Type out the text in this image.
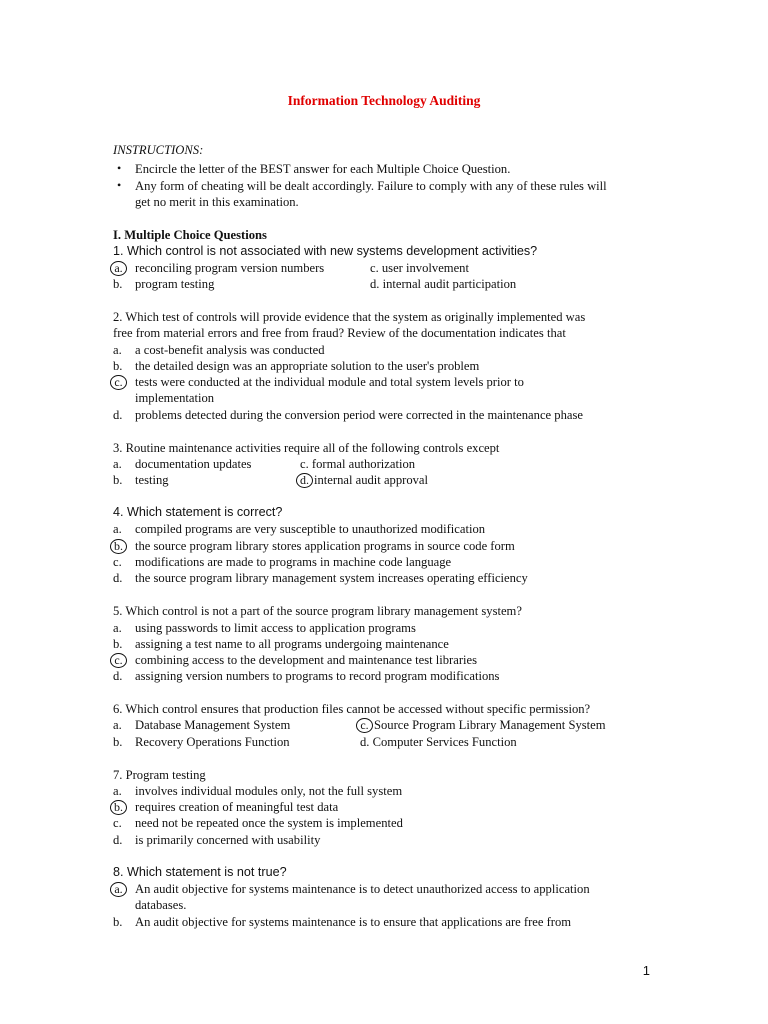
Information Technology Auditing
INSTRUCTIONS:
• Encircle the letter of the BEST answer for each Multiple Choice Question.
• Any form of cheating will be dealt accordingly. Failure to comply with any of these rules will
get no merit in this examination.
I. Multiple Choice Questions
1. Which control is not associated with new systems development activities?
a. reconciling program version numbers	c. user involvement
b. program testing	d. internal audit participation
2. Which test of controls will provide evidence that the system as originally implemented was
free from material errors and free from fraud? Review of the documentation indicates that
a. a cost-benefit analysis was conducted
b. the detailed design was an appropriate solution to the user's problem
c. tests were conducted at the individual module and total system levels prior to
implementation
d. problems detected during the conversion period were corrected in the maintenance phase
3. Routine maintenance activities require all of the following controls except
a. documentation updates	c. formal authorization
b. testing	d. internal audit approval
4. Which statement is correct?
a. compiled programs are very susceptible to unauthorized modification
b. the source program library stores application programs in source code form
c. modifications are made to programs in machine code language
d. the source program library management system increases operating efficiency
5. Which control is not a part of the source program library management system?
a. using passwords to limit access to application programs
b. assigning a test name to all programs undergoing maintenance
c. combining access to the development and maintenance test libraries
d. assigning version numbers to programs to record program modifications
6. Which control ensures that production files cannot be accessed without specific permission?
a. Database Management System	c. Source Program Library Management System
b. Recovery Operations Function	d. Computer Services Function
7. Program testing
a. involves individual modules only, not the full system
b. requires creation of meaningful test data
c. need not be repeated once the system is implemented
d. is primarily concerned with usability
8. Which statement is not true?
a. An audit objective for systems maintenance is to detect unauthorized access to application
databases.
b. An audit objective for systems maintenance is to ensure that applications are free from
1
